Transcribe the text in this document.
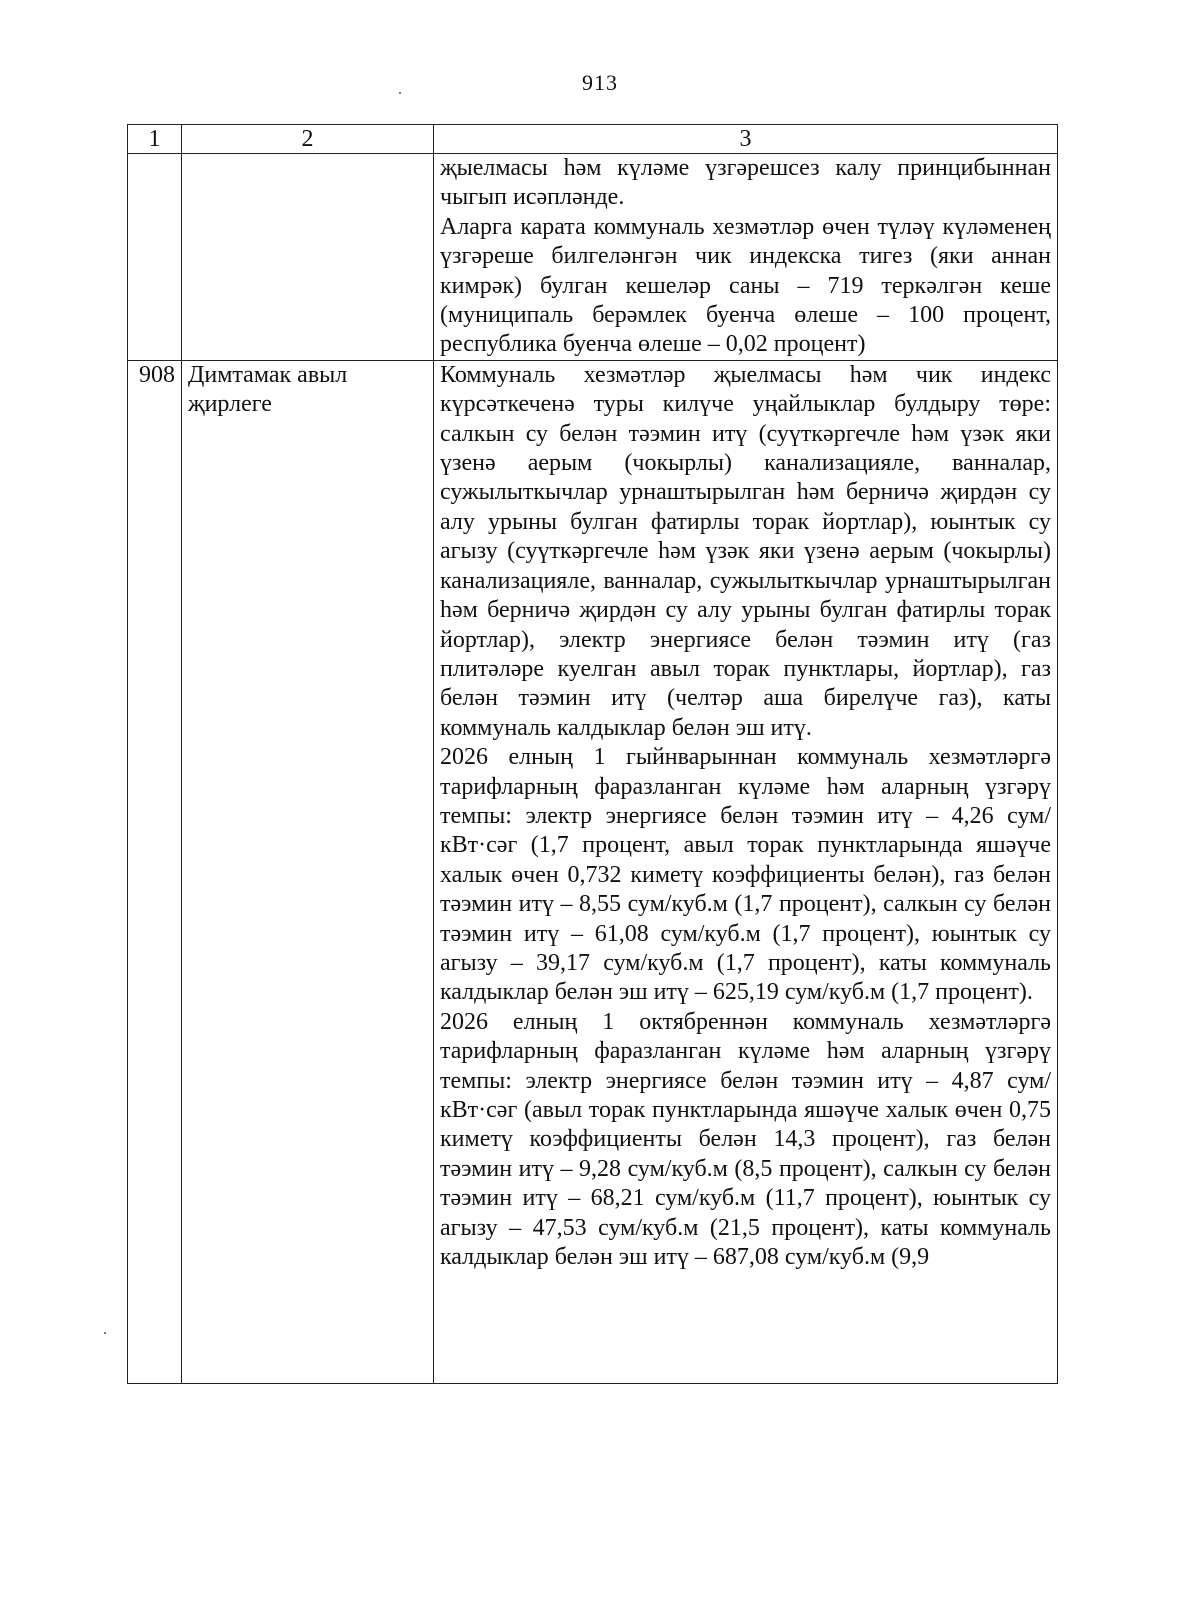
913
1	2	3

		җыелмасы һәм күләме үзгәрешсез калу принцибыннан чыгып исәпләнде.

Аларга карата коммуналь хезмәтләр өчен түләү күләменең үзгәреше билгеләнгән чик индекска тигез (яки аннан кимрәк) булган кешеләр саны – 719 теркәлгән кеше (муниципаль берәмлек буенча өлеше – 100 процент, республика буенча өлеше – 0,02 процент)

908	Димтамак авыл җирлеге	Коммуналь хезмәтләр җыелмасы һәм чик индекс күрсәткеченә туры килүче уңайлыклар булдыру төре: салкын су белән тәэмин итү (суүткәргечле һәм үзәк яки үзенә аерым (чокырлы) канализацияле, ванналар, сужылыткычлар урнаштырылган һәм берничә җирдән су алу урыны булган фатирлы торак йортлар), юынтык су агызу (суүткәргечле һәм үзәк яки үзенә аерым (чокырлы) канализацияле, ванналар, сужылыткычлар урнаштырылган һәм берничә җирдән су алу урыны булган фатирлы торак йортлар), электр энергиясе белән тәэмин итү (газ плитәләре куелган авыл торак пунктлары, йортлар), газ белән тәэмин итү (челтәр аша бирелүче газ), каты коммуналь калдыклар белән эш итү.

2026 елның 1 гыйнварыннан коммуналь хезмәтләргә тарифларның фаразланган күләме һәм аларның үзгәрү темпы: электр энергиясе белән тәэмин итү – 4,26 сум/кВт·сәг (1,7 процент, авыл торак пунктларында яшәүче халык өчен 0,732 киметү коэффициенты белән), газ белән тәэмин итү – 8,55 сум/куб.м (1,7 процент), салкын су белән тәэмин итү – 61,08 сум/куб.м (1,7 процент), юынтык су агызу – 39,17 сум/куб.м (1,7 процент), каты коммуналь калдыклар белән эш итү – 625,19 сум/куб.м (1,7 процент).

2026 елның 1 октябреннән коммуналь хезмәтләргә тарифларның фаразланган күләме һәм аларның үзгәрү темпы: электр энергиясе белән тәэмин итү – 4,87 сум/кВт·сәг (авыл торак пунктларында яшәүче халык өчен 0,75 киметү коэффициенты белән 14,3 процент), газ белән тәэмин итү – 9,28 сум/куб.м (8,5 процент), салкын су белән тәэмин итү – 68,21 сум/куб.м (11,7 процент), юынтык су агызу – 47,53 сум/куб.м (21,5 процент), каты коммуналь калдыклар белән эш итү – 687,08 сум/куб.м (9,9
